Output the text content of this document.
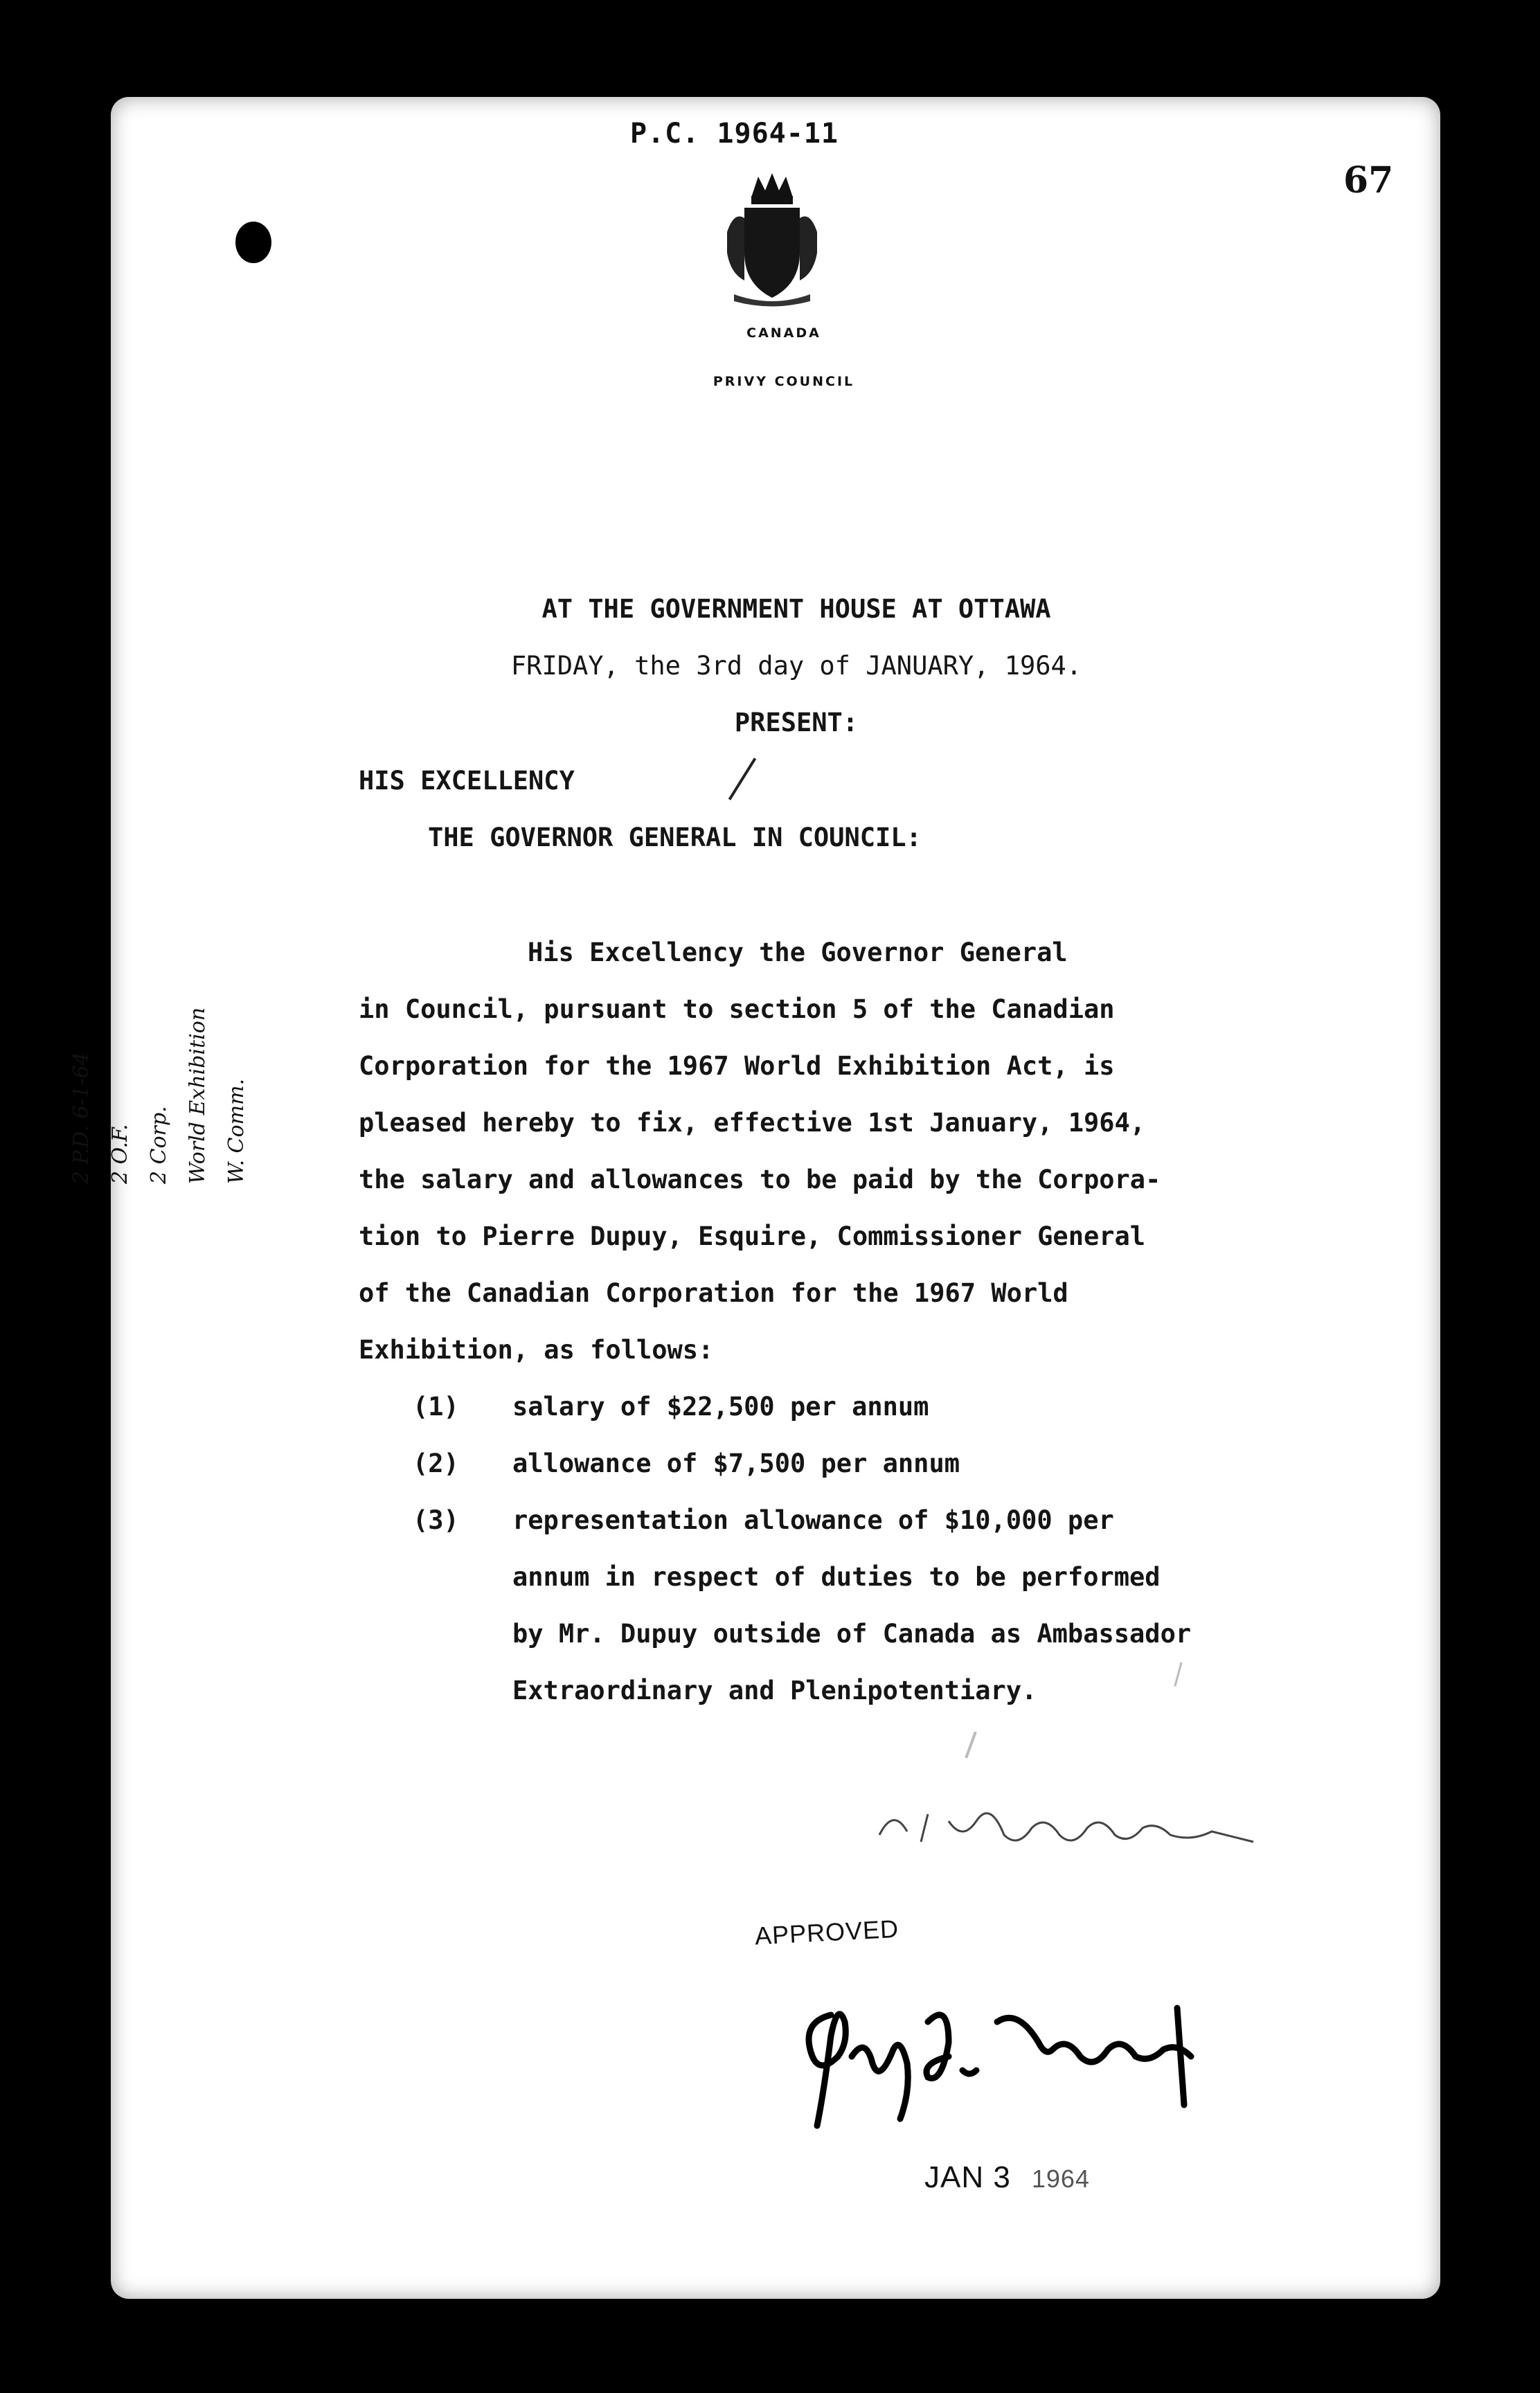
P.C. 1964-11
67
CANADA
PRIVY COUNCIL
AT THE GOVERNMENT HOUSE AT OTTAWA
FRIDAY, the 3rd day of JANUARY, 1964.
PRESENT:
HIS EXCELLENCY
THE GOVERNOR GENERAL IN COUNCIL:
His Excellency the Governor General
in Council, pursuant to section 5 of the Canadian
Corporation for the 1967 World Exhibition Act, is
pleased hereby to fix, effective 1st January, 1964,
the salary and allowances to be paid by the Corpora-
tion to Pierre Dupuy, Esquire, Commissioner General
of the Canadian Corporation for the 1967 World
Exhibition, as follows:
(1) salary of $22,500 per annum
(2) allowance of $7,500 per annum
(3) representation allowance of $10,000 per
annum in respect of duties to be performed
by Mr. Dupuy outside of Canada as Ambassador
Extraordinary and Plenipotentiary.
2 P.D. 6-1-64 2 O.F. 2 Corp. World Exhibition W. Comm.
APPROVED
JAN 3 1964
